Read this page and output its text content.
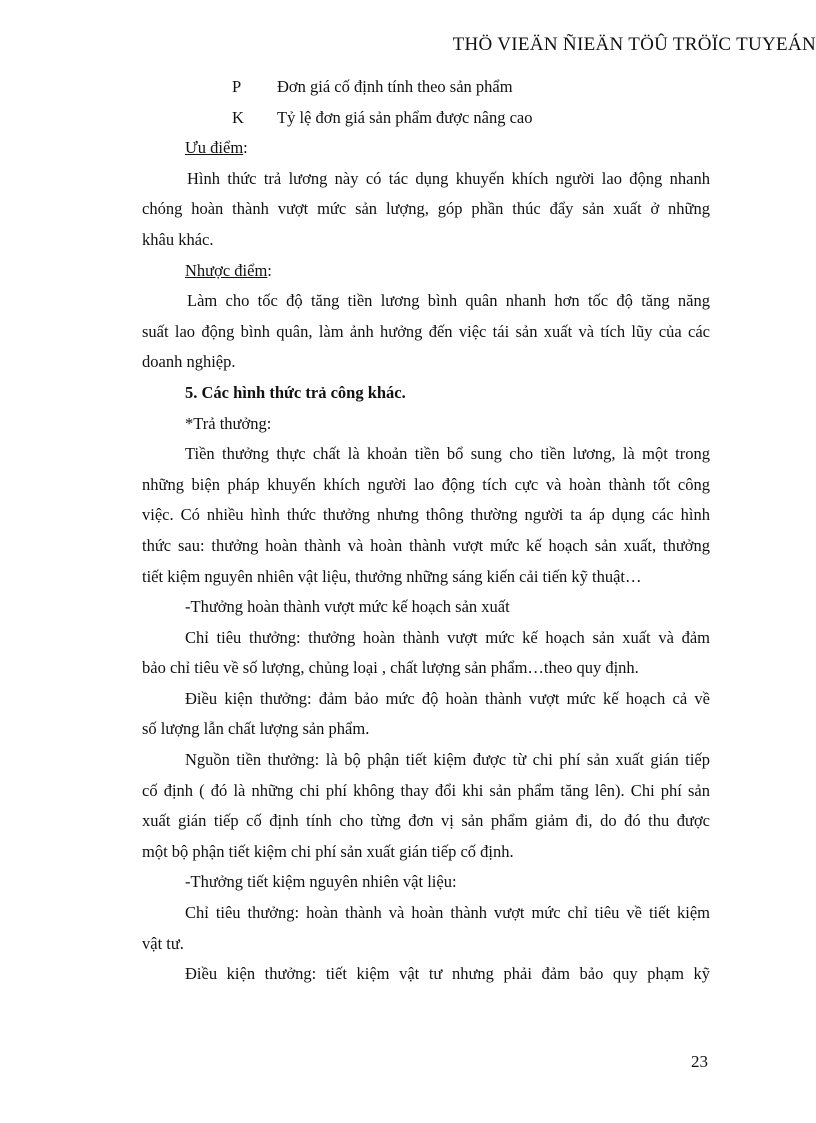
THÖ VIEÄN ÑIEÄN TÖÛ TRÖÏC TUYEÁN
P Đơn giá cố định tính theo sản phẩm
K Tỷ lệ đơn giá sản phẩm được nâng cao
Ưu điểm:
Hình thức trả lương này có tác dụng khuyến khích người lao động nhanh
chóng hoàn thành vượt mức sản lượng, góp phần thúc đẩy sản xuất ở những
khâu khác.
Nhược điểm:
Làm cho tốc độ tăng tiền lương bình quân nhanh hơn tốc độ tăng năng
suất lao động bình quân, làm ảnh hưởng đến việc tái sản xuất và tích lũy của các
doanh nghiệp.
5. Các hình thức trả công khác.
*Trả thưởng:
Tiền thưởng thực chất là khoản tiền bổ sung cho tiền lương, là một trong
những biện pháp khuyến khích người lao động tích cực và hoàn thành tốt công
việc. Có nhiều hình thức thưởng nhưng thông thường người ta áp dụng các hình
thức sau: thưởng hoàn thành và hoàn thành vượt mức kế hoạch sản xuất, thưởng
tiết kiệm nguyên nhiên vật liệu, thưởng những sáng kiến cải tiến kỹ thuật…
-Thưởng hoàn thành vượt mức kế hoạch sản xuất
Chỉ tiêu thưởng: thưởng hoàn thành vượt mức kế hoạch sản xuất và đảm
bảo chỉ tiêu về số lượng, chủng loại , chất lượng sản phẩm…theo quy định.
Điều kiện thưởng: đảm bảo mức độ hoàn thành vượt mức kế hoạch cả về
số lượng lẫn chất lượng sản phẩm.
Nguồn tiền thưởng: là bộ phận tiết kiệm được từ chi phí sản xuất gián tiếp
cố định ( đó là những chi phí không thay đổi khi sản phẩm tăng lên). Chi phí sản
xuất gián tiếp cố định tính cho từng đơn vị sản phẩm giảm đi, do đó thu được
một bộ phận tiết kiệm chi phí sản xuất gián tiếp cố định.
-Thưởng tiết kiệm nguyên nhiên vật liệu:
Chỉ tiêu thưởng: hoàn thành và hoàn thành vượt mức chỉ tiêu về tiết kiệm
vật tư.
Điều kiện thưởng: tiết kiệm vật tư nhưng phải đảm bảo quy phạm kỹ
23
